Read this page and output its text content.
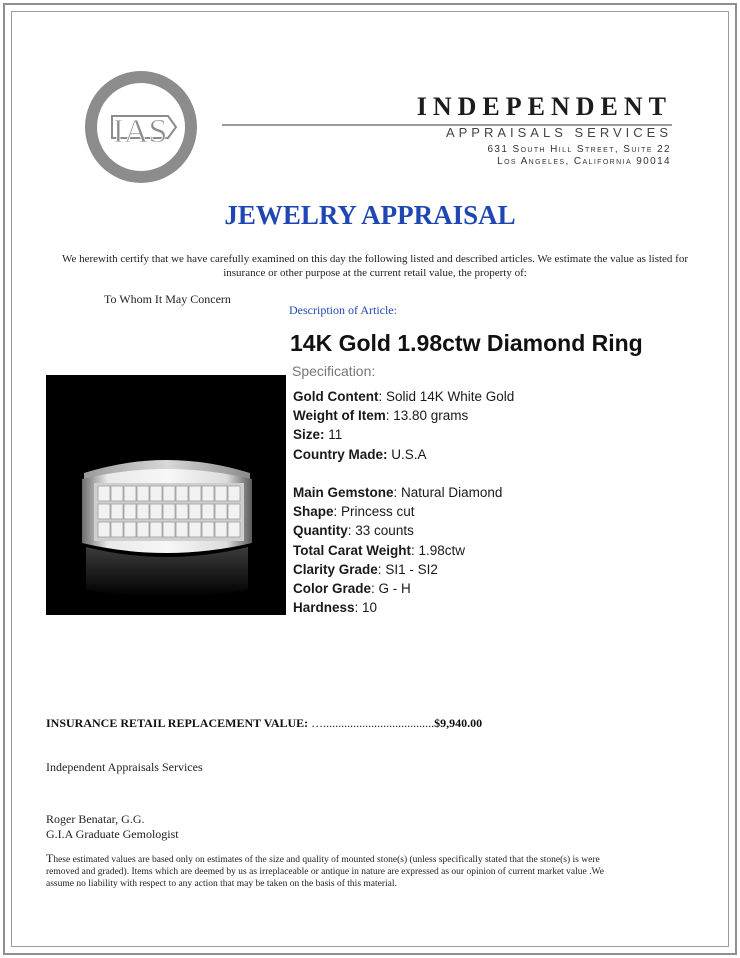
IAS
Appraisal
INDEPENDENT
APPRAISALS SERVICES
631 South Hill Street, Suite 22
Los Angeles, California 90014
JEWELRY APPRAISAL
We herewith certify that we have carefully examined on this day the following listed and described articles. We estimate the value as listed for insurance or other purpose at the current retail value, the property of:
To Whom It May Concern
Description of Article:
14K Gold 1.98ctw Diamond Ring
Specification:
Gold Content: Solid 14K White Gold
Weight of Item: 13.80 grams
Size: 11
Country Made: U.S.A
Main Gemstone: Natural Diamond
Shape: Princess cut
Quantity: 33 counts
Total Carat Weight: 1.98ctw
Clarity Grade: SI1 - SI2
Color Grade: G - H
Hardness: 10
INSURANCE RETAIL REPLACEMENT VALUE: ….....................................$9,940.00
Independent Appraisals Services
Roger Benatar, G.G.
G.I.A Graduate Gemologist
These estimated values are based only on estimates of the size and quality of mounted stone(s) (unless specifically stated that the stone(s) is were removed and graded). Items which are deemed by us as irreplaceable or antique in nature are expressed as our opinion of current market value .We assume no liability with respect to any action that may be taken on the basis of this material.
